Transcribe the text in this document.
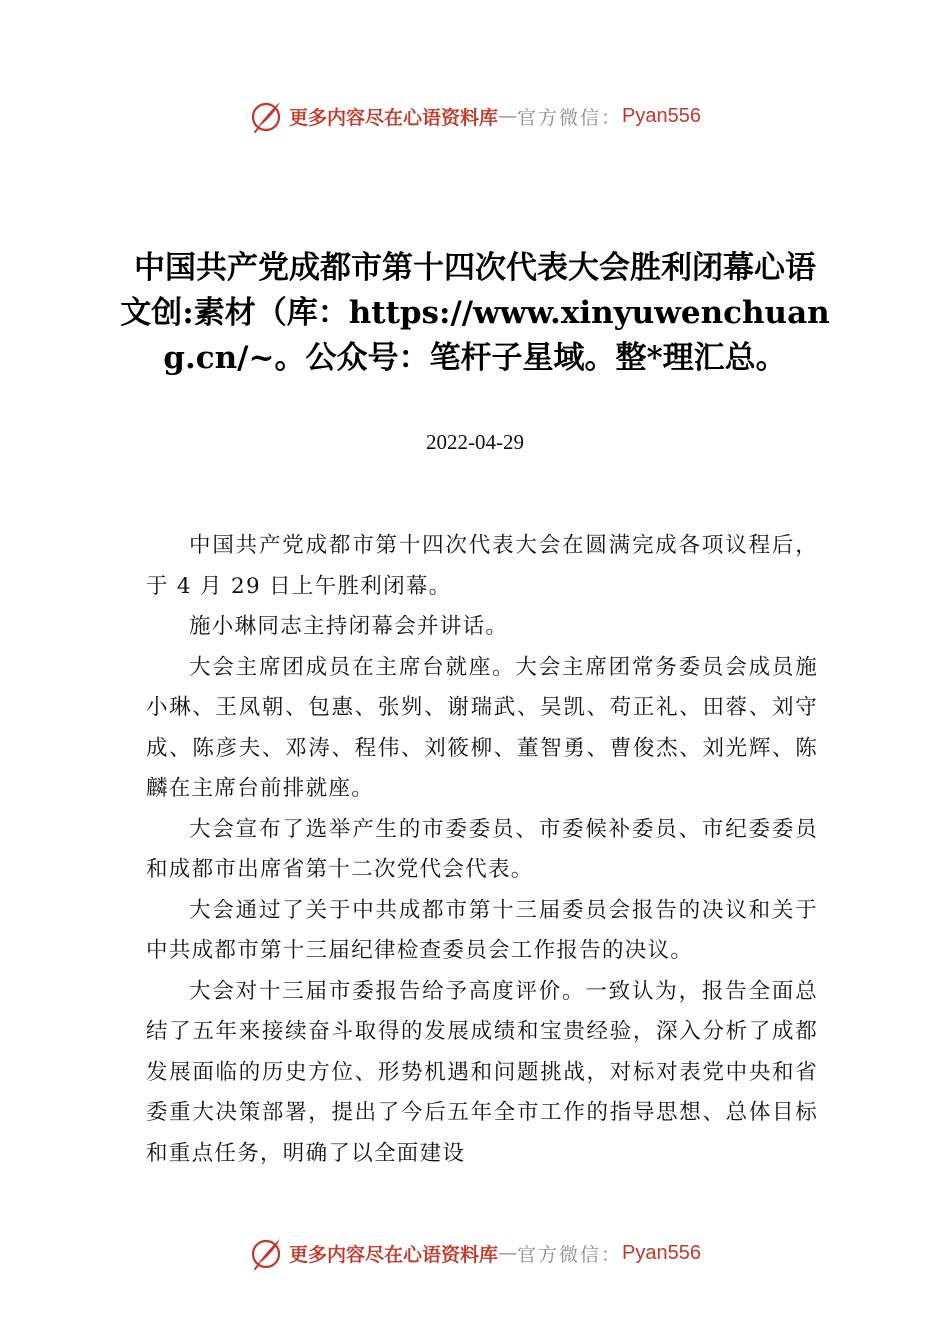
更多内容尽在心语资料库 — 官方微信： Pyan556
中国共产党成都市第十四次代表大会胜利闭幕心语文创:素材（库：https://www.xinyuwenchuang.cn/~。公众号：笔杆子星域。整*理汇总。
2022-04-29

中国共产党成都市第十四次代表大会在圆满完成各项议程后，于 4 月 29 日上午胜利闭幕。

施小琳同志主持闭幕会并讲话。

大会主席团成员在主席台就座。大会主席团常务委员会成员施小琳、王凤朝、包惠、张刿、谢瑞武、吴凯、苟正礼、田蓉、刘守成、陈彦夫、邓涛、程伟、刘筱柳、董智勇、曹俊杰、刘光辉、陈麟在主席台前排就座。

大会宣布了选举产生的市委委员、市委候补委员、市纪委委员和成都市出席省第十二次党代会代表。

大会通过了关于中共成都市第十三届委员会报告的决议和关于中共成都市第十三届纪律检查委员会工作报告的决议。

大会对十三届市委报告给予高度评价。一致认为，报告全面总结了五年来接续奋斗取得的发展成绩和宝贵经验，深入分析了成都发展面临的历史方位、形势机遇和问题挑战，对标对表党中央和省委重大决策部署，提出了今后五年全市工作的指导思想、总体目标和重点任务，明确了以全面建设

更多内容尽在心语资料库 — 官方微信： Pyan556
